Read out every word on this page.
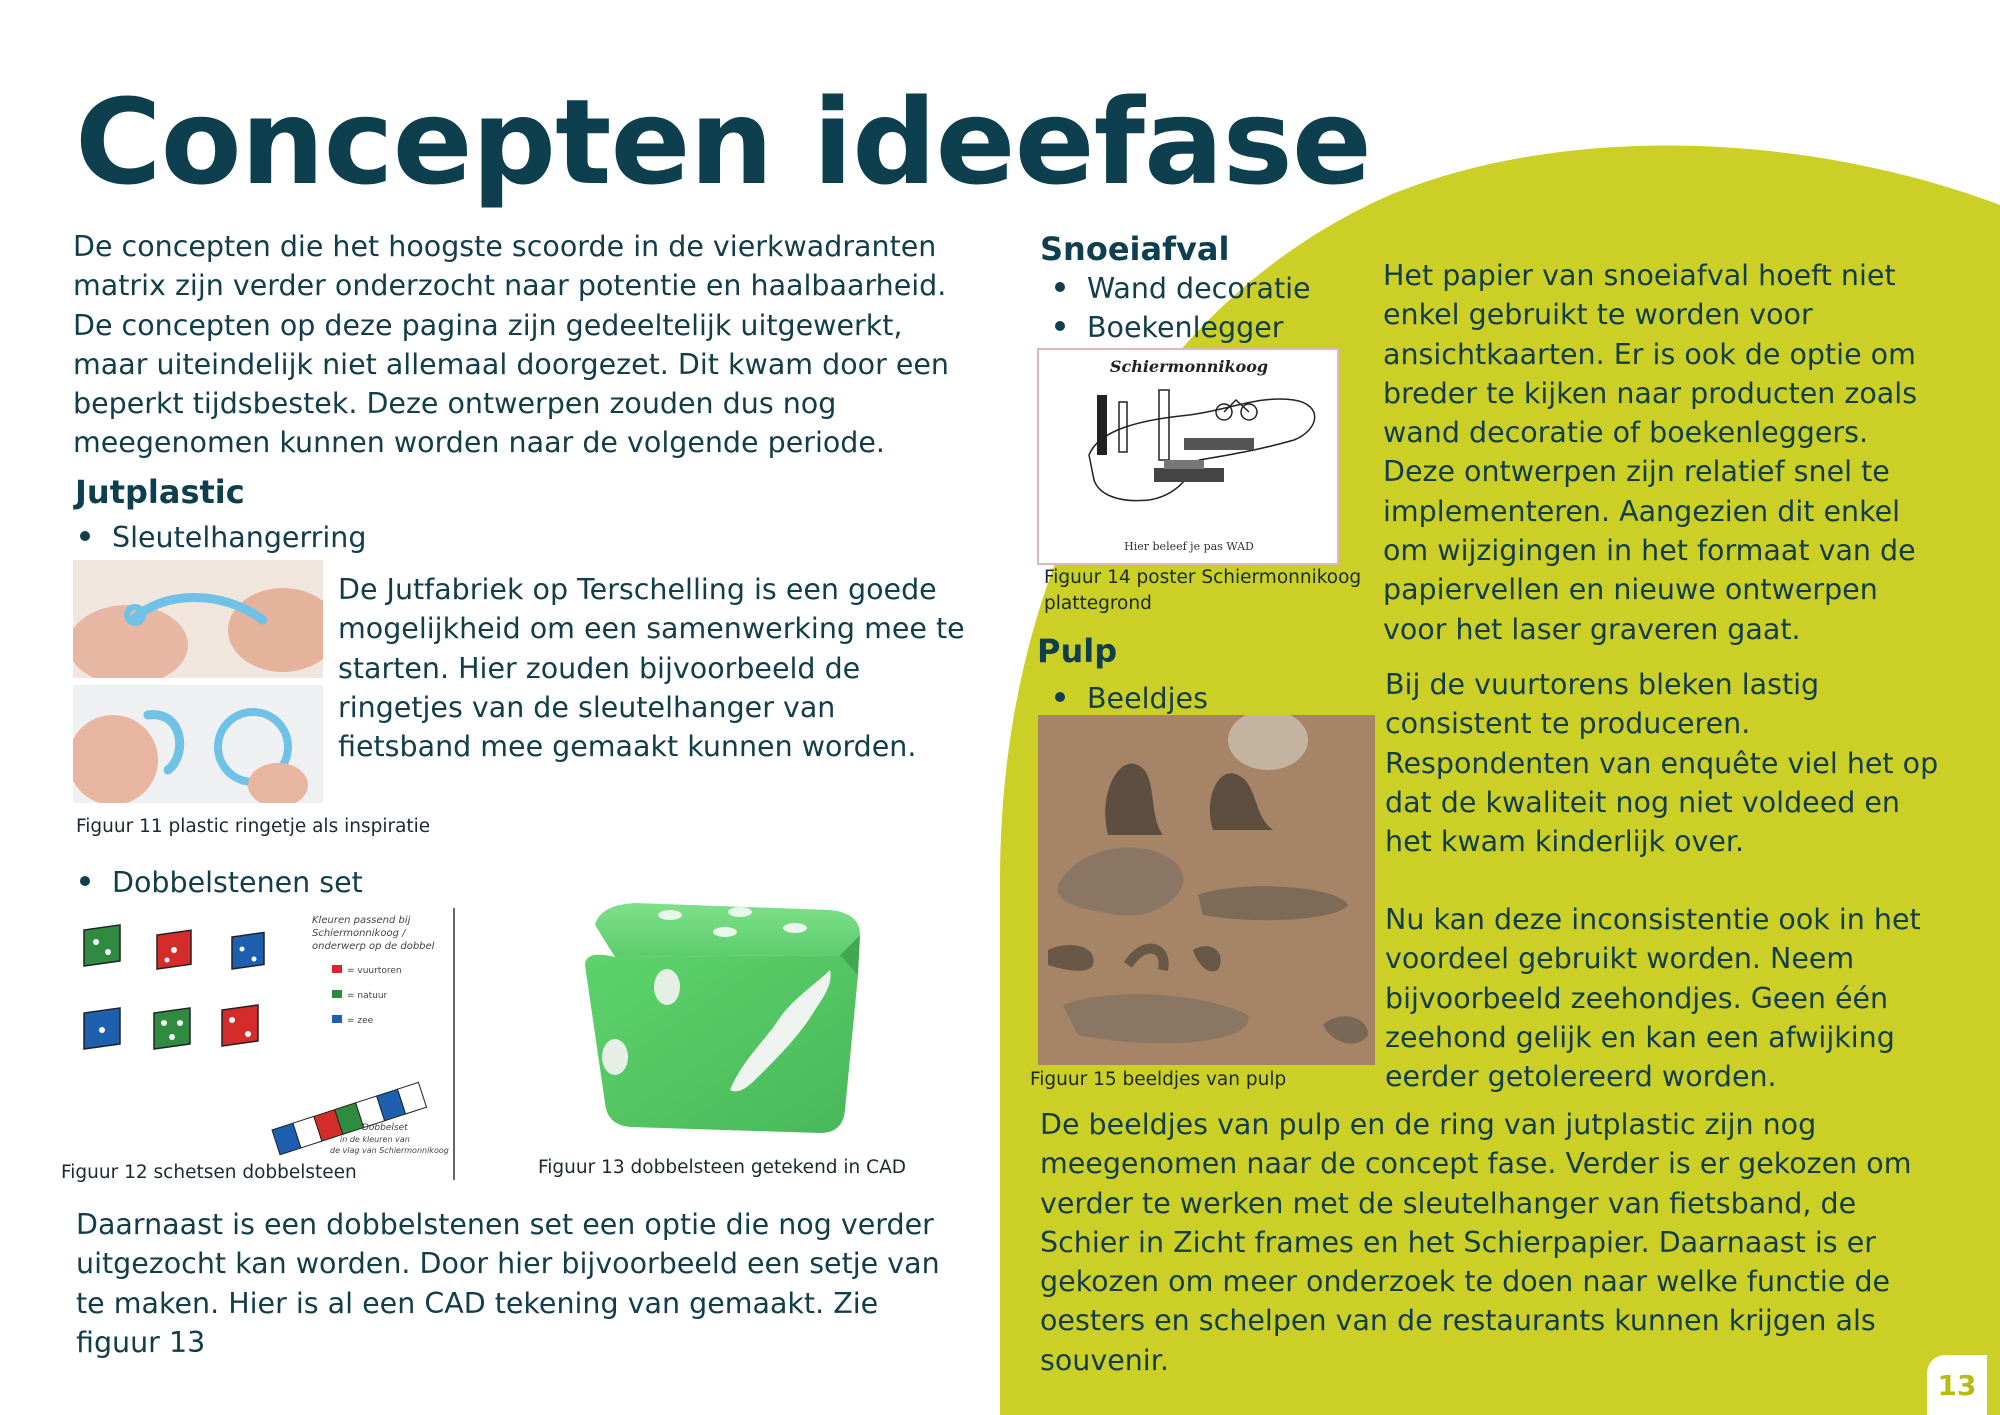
Concepten ideefase
De concepten die het hoogste scoorde in de vierkwadranten matrix zijn verder onderzocht naar potentie en haalbaarheid. De concepten op deze pagina zijn gedeeltelijk uitgewerkt, maar uiteindelijk niet allemaal doorgezet. Dit kwam door een beperkt tijdsbestek. Deze ontwerpen zouden dus nog meegenomen kunnen worden naar de volgende periode.
Jutplastic
Sleutelhangerring
De Jutfabriek op Terschelling is een goede mogelijkheid om een samenwerking mee te starten. Hier zouden bijvoorbeeld de ringetjes van de sleutelhanger van fietsband mee gemaakt kunnen worden.
Figuur 11 plastic ringetje als inspiratie
Dobbelstenen set
Kleuren passend bij
Schiermonnikoog /
onderwerp op de dobbel
= vuurtoren
= natuur
= zee
Dobbelset
in de kleuren van
de vlag van Schiermonnikoog
Figuur 12 schetsen dobbelsteen	Figuur 13 dobbelsteen getekend in CAD
Daarnaast is een dobbelstenen set een optie die nog verder uitgezocht kan worden. Door hier bijvoorbeeld een setje van te maken. Hier is al een CAD tekening van gemaakt. Zie figuur 13
Snoeiafval
Wand decoratie
Boekenlegger
Schiermonnikoog
Hier beleef je pas WAD
Figuur 14 poster Schiermonnikoog plattegrond
Het papier van snoeiafval hoeft niet enkel gebruikt te worden voor ansichtkaarten. Er is ook de optie om breder te kijken naar producten zoals wand decoratie of boekenleggers. Deze ontwerpen zijn relatief snel te implementeren. Aangezien dit enkel om wijzigingen in het formaat van de papiervellen en nieuwe ontwerpen voor het laser graveren gaat.
Pulp
Beeldjes
Figuur 15 beeldjes van pulp
Bij de vuurtorens bleken lastig consistent te produceren. Respondenten van enquête viel het op dat de kwaliteit nog niet voldeed en het kwam kinderlijk over.
Nu kan deze inconsistentie ook in het voordeel gebruikt worden. Neem bijvoorbeeld zeehondjes. Geen één zeehond gelijk en kan een afwijking eerder getolereerd worden.
De beeldjes van pulp en de ring van jutplastic zijn nog meegenomen naar de concept fase. Verder is er gekozen om verder te werken met de sleutelhanger van fietsband, de Schier in Zicht frames en het Schierpapier. Daarnaast is er gekozen om meer onderzoek te doen naar welke functie de oesters en schelpen van de restaurants kunnen krijgen als souvenir.
13
